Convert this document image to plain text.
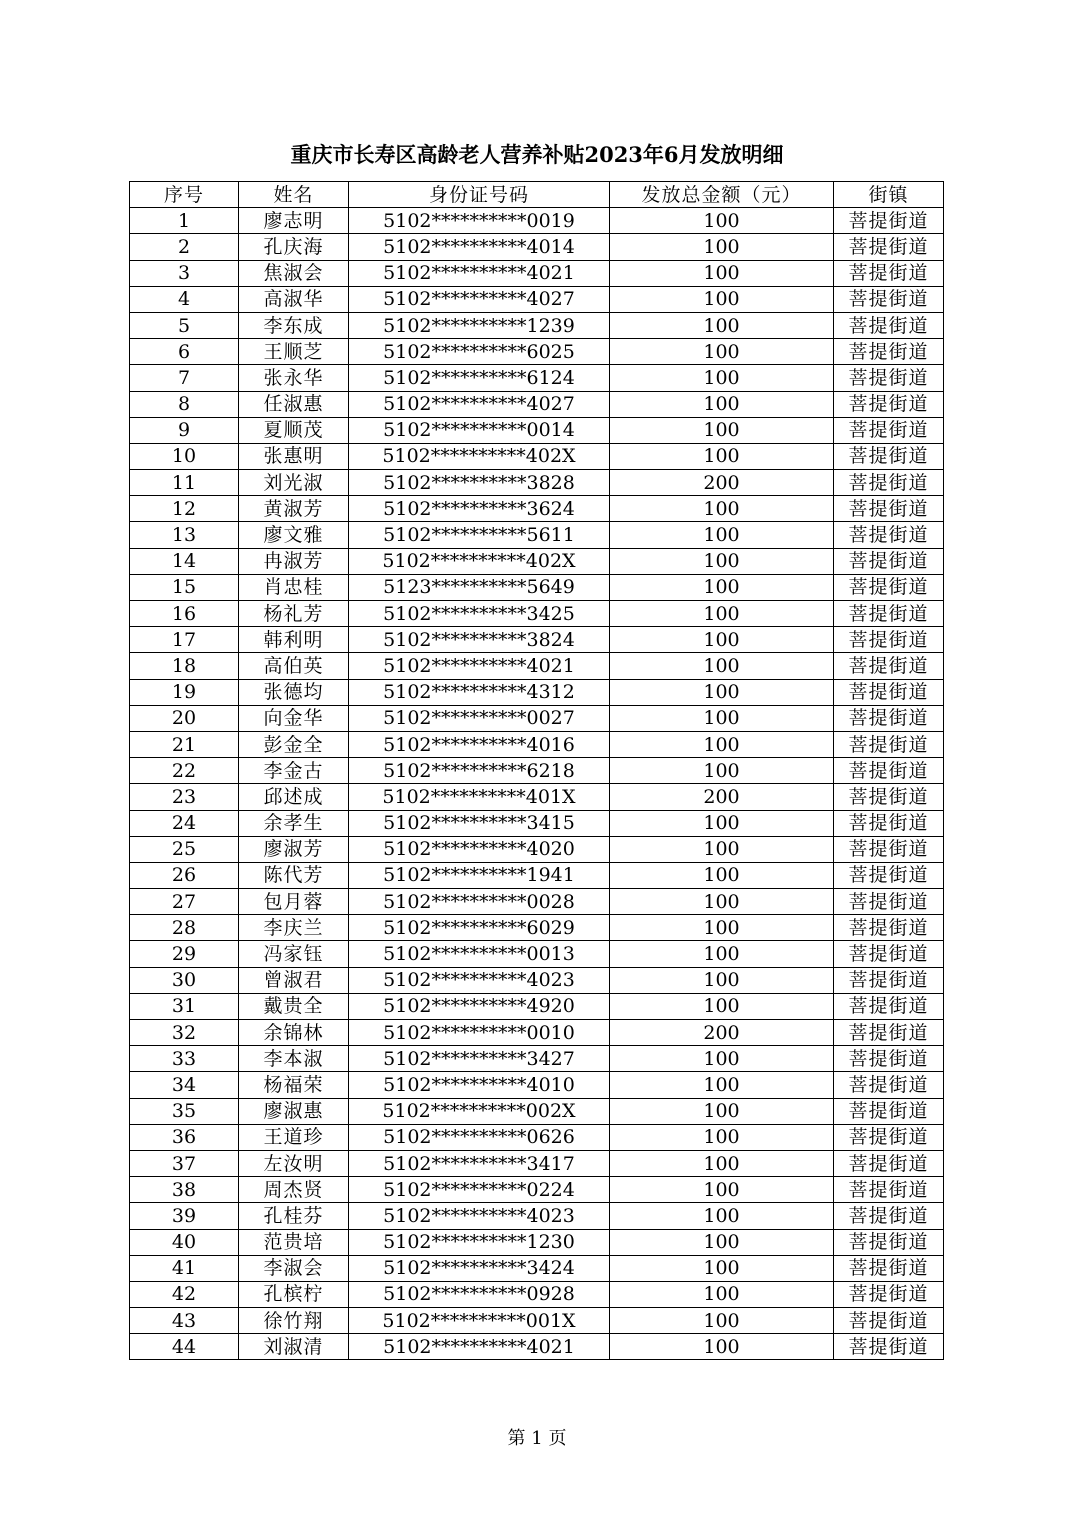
重庆市长寿区高龄老人营养补贴2023年6月发放明细
序号	姓名	身份证号码	发放总金额（元）	街镇
1	廖志明	5102**********0019	100	菩提街道
2	孔庆海	5102**********4014	100	菩提街道
3	焦淑会	5102**********4021	100	菩提街道
4	高淑华	5102**********4027	100	菩提街道
5	李东成	5102**********1239	100	菩提街道
6	王顺芝	5102**********6025	100	菩提街道
7	张永华	5102**********6124	100	菩提街道
8	任淑惠	5102**********4027	100	菩提街道
9	夏顺茂	5102**********0014	100	菩提街道
10	张惠明	5102**********402X	100	菩提街道
11	刘光淑	5102**********3828	200	菩提街道
12	黄淑芳	5102**********3624	100	菩提街道
13	廖文雅	5102**********5611	100	菩提街道
14	冉淑芳	5102**********402X	100	菩提街道
15	肖忠桂	5123**********5649	100	菩提街道
16	杨礼芳	5102**********3425	100	菩提街道
17	韩利明	5102**********3824	100	菩提街道
18	高伯英	5102**********4021	100	菩提街道
19	张德均	5102**********4312	100	菩提街道
20	向金华	5102**********0027	100	菩提街道
21	彭金全	5102**********4016	100	菩提街道
22	李金古	5102**********6218	100	菩提街道
23	邱述成	5102**********401X	200	菩提街道
24	余孝生	5102**********3415	100	菩提街道
25	廖淑芳	5102**********4020	100	菩提街道
26	陈代芳	5102**********1941	100	菩提街道
27	包月蓉	5102**********0028	100	菩提街道
28	李庆兰	5102**********6029	100	菩提街道
29	冯家钰	5102**********0013	100	菩提街道
30	曾淑君	5102**********4023	100	菩提街道
31	戴贵全	5102**********4920	100	菩提街道
32	余锦林	5102**********0010	200	菩提街道
33	李本淑	5102**********3427	100	菩提街道
34	杨福荣	5102**********4010	100	菩提街道
35	廖淑惠	5102**********002X	100	菩提街道
36	王道珍	5102**********0626	100	菩提街道
37	左汝明	5102**********3417	100	菩提街道
38	周杰贤	5102**********0224	100	菩提街道
39	孔桂芬	5102**********4023	100	菩提街道
40	范贵培	5102**********1230	100	菩提街道
41	李淑会	5102**********3424	100	菩提街道
42	孔槟柠	5102**********0928	100	菩提街道
43	徐竹翔	5102**********001X	100	菩提街道
44	刘淑清	5102**********4021	100	菩提街道
第 1 页
